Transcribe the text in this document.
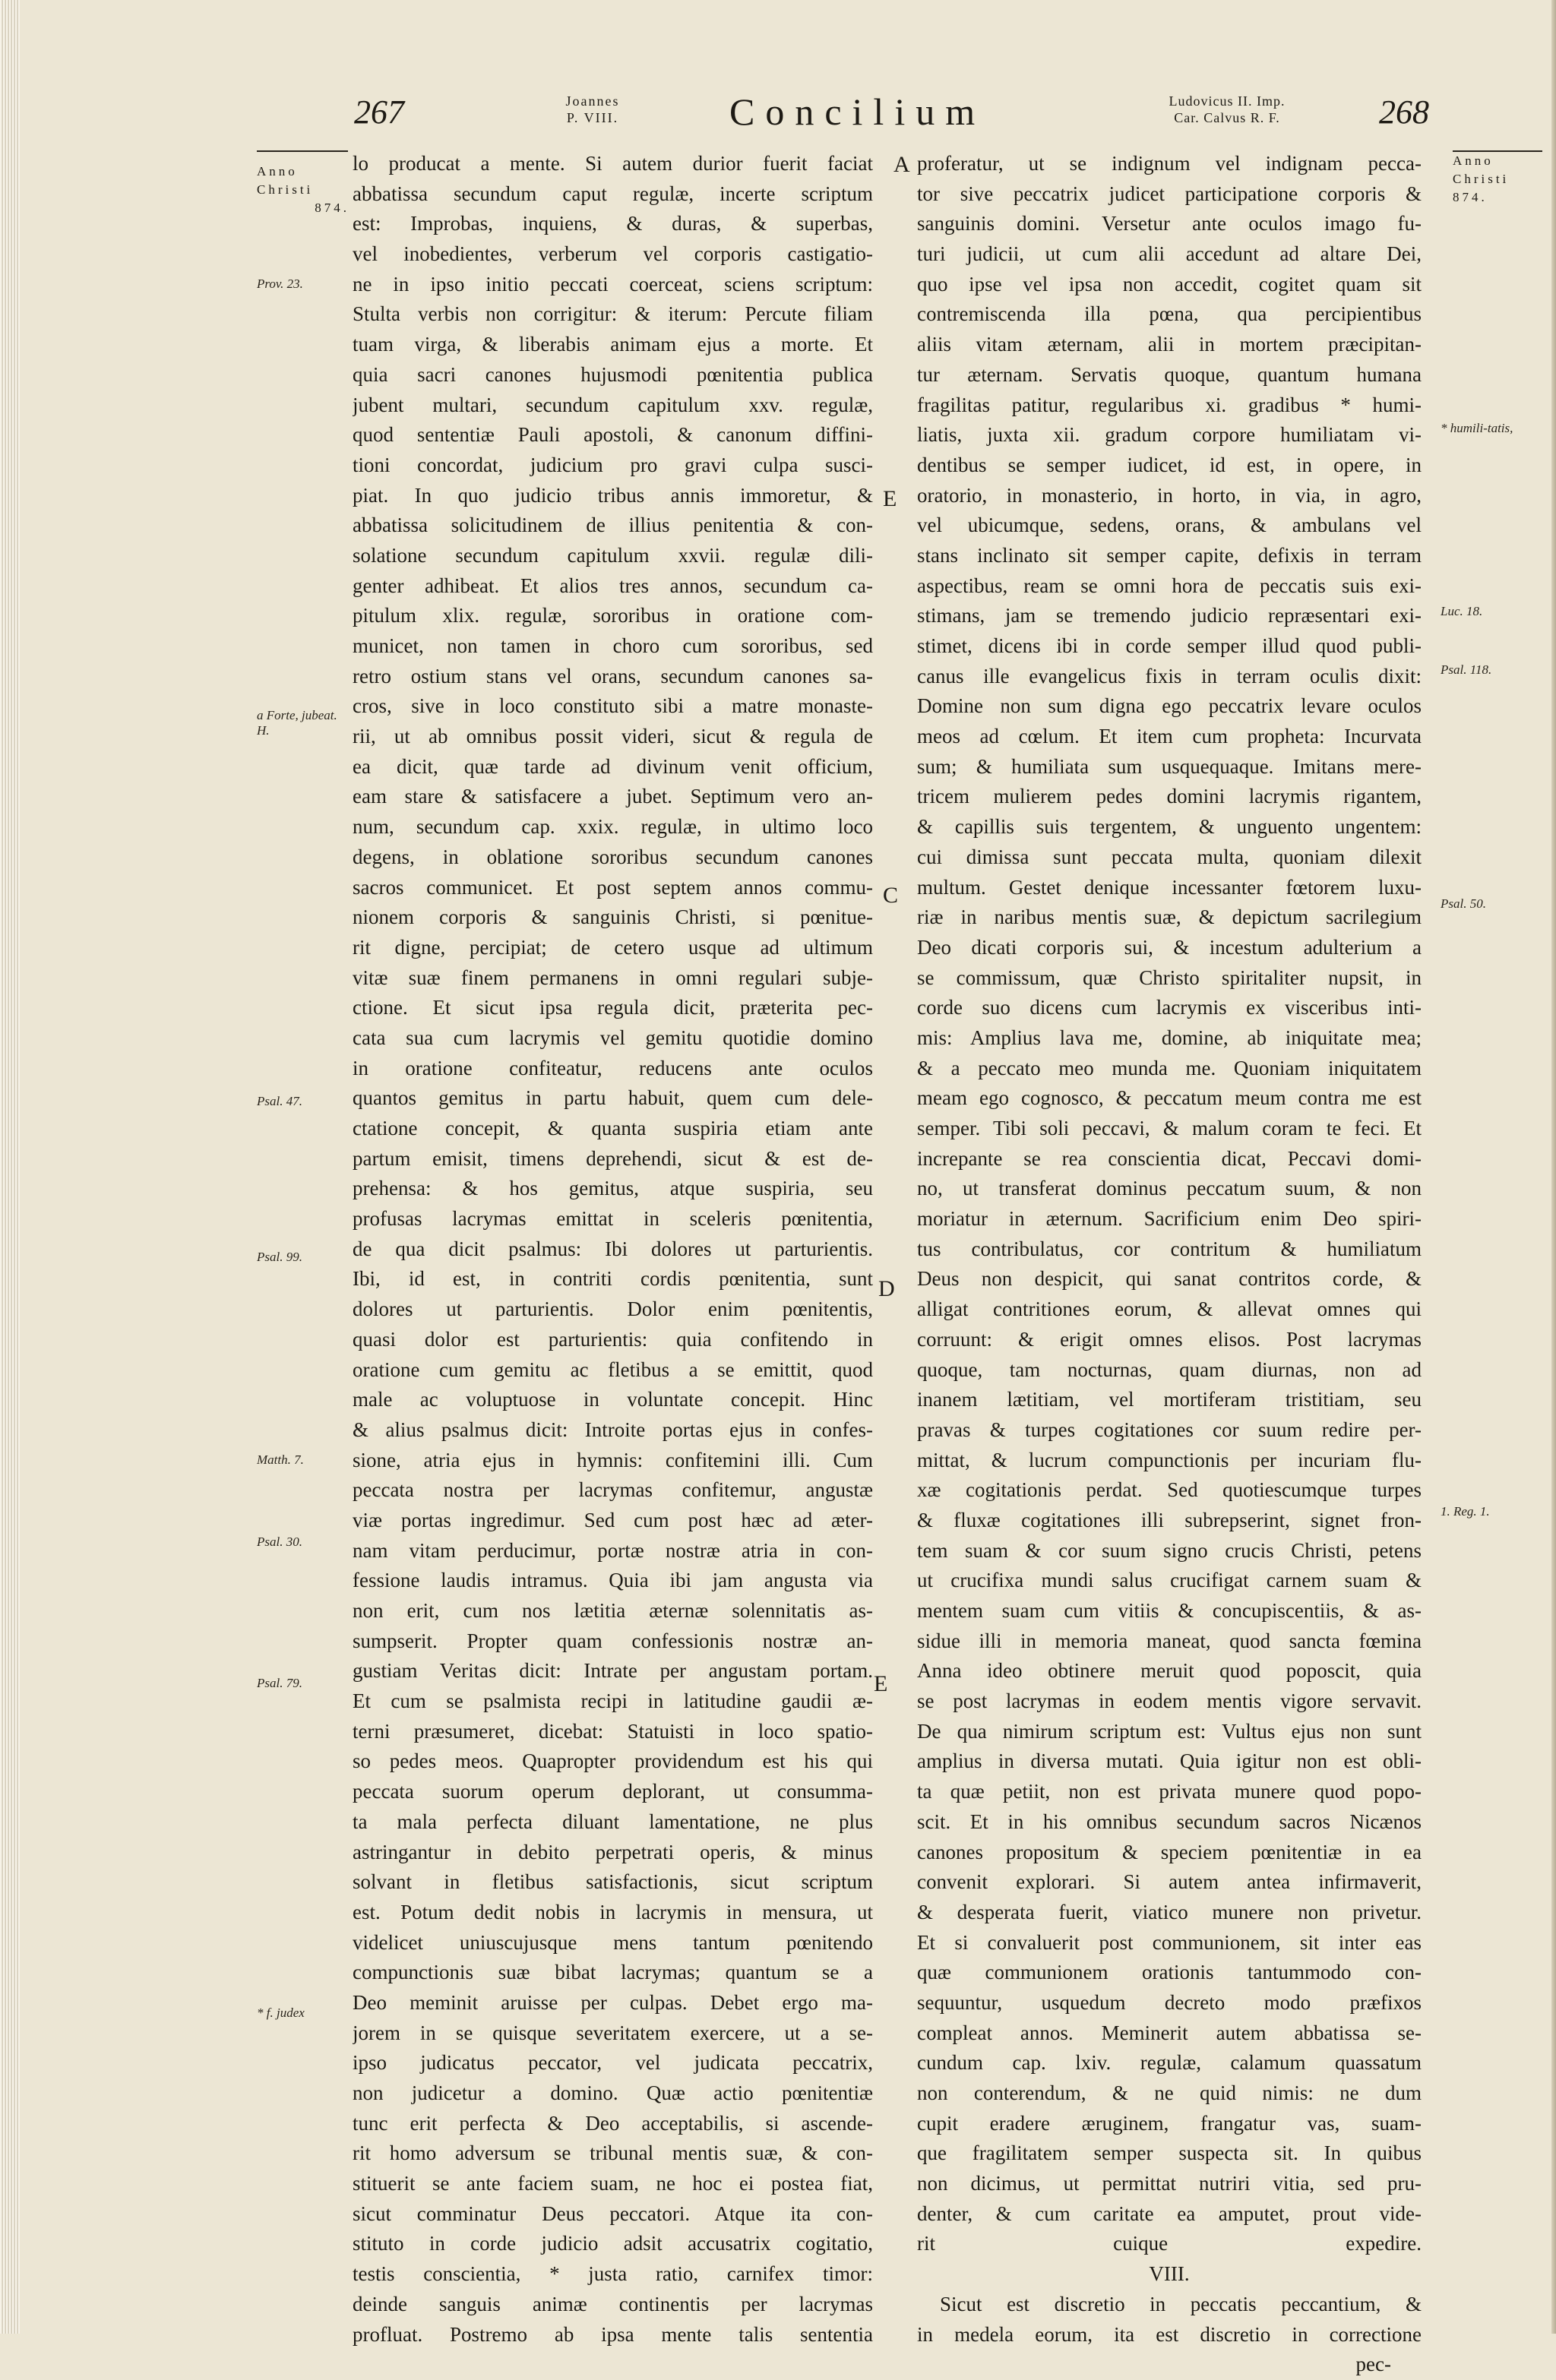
267	Joannes
P. VIII.	Concilium	Ludovicus II. Imp.
Car. Calvus R. F.	268
Anno
Christi
874.
Anno
Christi
874.
Prov. 23.
a Forte, jubeat. H.
Psal. 47.
Psal. 99.
Matth. 7.
Psal. 30.
Psal. 79.
* f. judex
* humili-tatis,
Luc. 18.
Psal. 118.
Psal. 50.
1. Reg. 1.
A
E
C
D
E
lo producat a mente. Si autem durior fuerit faciat
abbatissa secundum caput regulæ, incerte scriptum
est: Improbas, inquiens, & duras, & superbas,
vel inobedientes, verberum vel corporis castigatio-
ne in ipso initio peccati coerceat, sciens scriptum:
Stulta verbis non corrigitur: & iterum: Percute filiam
tuam virga, & liberabis animam ejus a morte. Et
quia sacri canones hujusmodi pœnitentia publica
jubent multari, secundum capitulum xxv. regulæ,
quod sententiæ Pauli apostoli, & canonum diffini-
tioni concordat, judicium pro gravi culpa susci-
piat. In quo judicio tribus annis immoretur, &
abbatissa solicitudinem de illius penitentia & con-
solatione secundum capitulum xxvii. regulæ dili-
genter adhibeat. Et alios tres annos, secundum ca-
pitulum xlix. regulæ, sororibus in oratione com-
municet, non tamen in choro cum sororibus, sed
retro ostium stans vel orans, secundum canones sa-
cros, sive in loco constituto sibi a matre monaste-
rii, ut ab omnibus possit videri, sicut & regula de
ea dicit, quæ tarde ad divinum venit officium,
eam stare & satisfacere a jubet. Septimum vero an-
num, secundum cap. xxix. regulæ, in ultimo loco
degens, in oblatione sororibus secundum canones
sacros communicet. Et post septem annos commu-
nionem corporis & sanguinis Christi, si pœnitue-
rit digne, percipiat; de cetero usque ad ultimum
vitæ suæ finem permanens in omni regulari subje-
ctione. Et sicut ipsa regula dicit, præterita pec-
cata sua cum lacrymis vel gemitu quotidie domino
in oratione confiteatur, reducens ante oculos
quantos gemitus in partu habuit, quem cum dele-
ctatione concepit, & quanta suspiria etiam ante
partum emisit, timens deprehendi, sicut & est de-
prehensa: & hos gemitus, atque suspiria, seu
profusas lacrymas emittat in sceleris pœnitentia,
de qua dicit psalmus: Ibi dolores ut parturientis.
Ibi, id est, in contriti cordis pœnitentia, sunt
dolores ut parturientis. Dolor enim pœnitentis,
quasi dolor est parturientis: quia confitendo in
oratione cum gemitu ac fletibus a se emittit, quod
male ac voluptuose in voluntate concepit. Hinc
& alius psalmus dicit: Introite portas ejus in confes-
sione, atria ejus in hymnis: confitemini illi. Cum
peccata nostra per lacrymas confitemur, angustæ
viæ portas ingredimur. Sed cum post hæc ad æter-
nam vitam perducimur, portæ nostræ atria in con-
fessione laudis intramus. Quia ibi jam angusta via
non erit, cum nos lætitia æternæ solennitatis as-
sumpserit. Propter quam confessionis nostræ an-
gustiam Veritas dicit: Intrate per angustam portam.
Et cum se psalmista recipi in latitudine gaudii æ-
terni præsumeret, dicebat: Statuisti in loco spatio-
so pedes meos. Quapropter providendum est his qui
peccata suorum operum deplorant, ut consumma-
ta mala perfecta diluant lamentatione, ne plus
astringantur in debito perpetrati operis, & minus
solvant in fletibus satisfactionis, sicut scriptum
est. Potum dedit nobis in lacrymis in mensura, ut
videlicet uniuscujusque mens tantum pœnitendo
compunctionis suæ bibat lacrymas; quantum se a
Deo meminit aruisse per culpas. Debet ergo ma-
jorem in se quisque severitatem exercere, ut a se-
ipso judicatus peccator, vel judicata peccatrix,
non judicetur a domino. Quæ actio pœnitentiæ
tunc erit perfecta & Deo acceptabilis, si ascende-
rit homo adversum se tribunal mentis suæ, & con-
stituerit se ante faciem suam, ne hoc ei postea fiat,
sicut comminatur Deus peccatori. Atque ita con-
stituto in corde judicio adsit accusatrix cogitatio,
testis conscientia, * justa ratio, carnifex timor:
deinde sanguis animæ continentis per lacrymas
profluat. Postremo ab ipsa mente talis sententia
proferatur, ut se indignum vel indignam pecca-
tor sive peccatrix judicet participatione corporis &
sanguinis domini. Versetur ante oculos imago fu-
turi judicii, ut cum alii accedunt ad altare Dei,
quo ipse vel ipsa non accedit, cogitet quam sit
contremiscenda illa pœna, qua percipientibus
aliis vitam æternam, alii in mortem præcipitan-
tur æternam. Servatis quoque, quantum humana
fragilitas patitur, regularibus xi. gradibus * humi-
liatis, juxta xii. gradum corpore humiliatam vi-
dentibus se semper iudicet, id est, in opere, in
oratorio, in monasterio, in horto, in via, in agro,
vel ubicumque, sedens, orans, & ambulans vel
stans inclinato sit semper capite, defixis in terram
aspectibus, ream se omni hora de peccatis suis exi-
stimans, jam se tremendo judicio repræsentari exi-
stimet, dicens ibi in corde semper illud quod publi-
canus ille evangelicus fixis in terram oculis dixit:
Domine non sum digna ego peccatrix levare oculos
meos ad cœlum. Et item cum propheta: Incurvata
sum; & humiliata sum usquequaque. Imitans mere-
tricem mulierem pedes domini lacrymis rigantem,
& capillis suis tergentem, & unguento ungentem:
cui dimissa sunt peccata multa, quoniam dilexit
multum. Gestet denique incessanter fœtorem luxu-
riæ in naribus mentis suæ, & depictum sacrilegium
Deo dicati corporis sui, & incestum adulterium a
se commissum, quæ Christo spiritaliter nupsit, in
corde suo dicens cum lacrymis ex visceribus inti-
mis: Amplius lava me, domine, ab iniquitate mea;
& a peccato meo munda me. Quoniam iniquitatem
meam ego cognosco, & peccatum meum contra me est
semper. Tibi soli peccavi, & malum coram te feci. Et
increpante se rea conscientia dicat, Peccavi domi-
no, ut transferat dominus peccatum suum, & non
moriatur in æternum. Sacrificium enim Deo spiri-
tus contribulatus, cor contritum & humiliatum
Deus non despicit, qui sanat contritos corde, &
alligat contritiones eorum, & allevat omnes qui
corruunt: & erigit omnes elisos. Post lacrymas
quoque, tam nocturnas, quam diurnas, non ad
inanem lætitiam, vel mortiferam tristitiam, seu
pravas & turpes cogitationes cor suum redire per-
mittat, & lucrum compunctionis per incuriam flu-
xæ cogitationis perdat. Sed quotiescumque turpes
& fluxæ cogitationes illi subrepserint, signet fron-
tem suam & cor suum signo crucis Christi, petens
ut crucifixa mundi salus crucifigat carnem suam &
mentem suam cum vitiis & concupiscentiis, & as-
sidue illi in memoria maneat, quod sancta fœmina
Anna ideo obtinere meruit quod poposcit, quia
se post lacrymas in eodem mentis vigore servavit.
De qua nimirum scriptum est: Vultus ejus non sunt
amplius in diversa mutati. Quia igitur non est obli-
ta quæ petiit, non est privata munere quod popo-
scit. Et in his omnibus secundum sacros Nicænos
canones propositum & speciem pœnitentiæ in ea
convenit explorari. Si autem antea infirmaverit,
& desperata fuerit, viatico munere non privetur.
Et si convaluerit post communionem, sit inter eas
quæ communionem orationis tantummodo con-
sequuntur, usquedum decreto modo præfixos
compleat annos. Meminerit autem abbatissa se-
cundum cap. lxiv. regulæ, calamum quassatum
non conterendum, & ne quid nimis: ne dum
cupit eradere æruginem, frangatur vas, suam-
que fragilitatem semper suspecta sit. In quibus
non dicimus, ut permittat nutriri vitia, sed pru-
denter, & cum caritate ea amputet, prout vide-
rit cuique expedire.
VIII.
Sicut est discretio in peccatis peccantium, &
in medela eorum, ita est discretio in correctione
pec-
